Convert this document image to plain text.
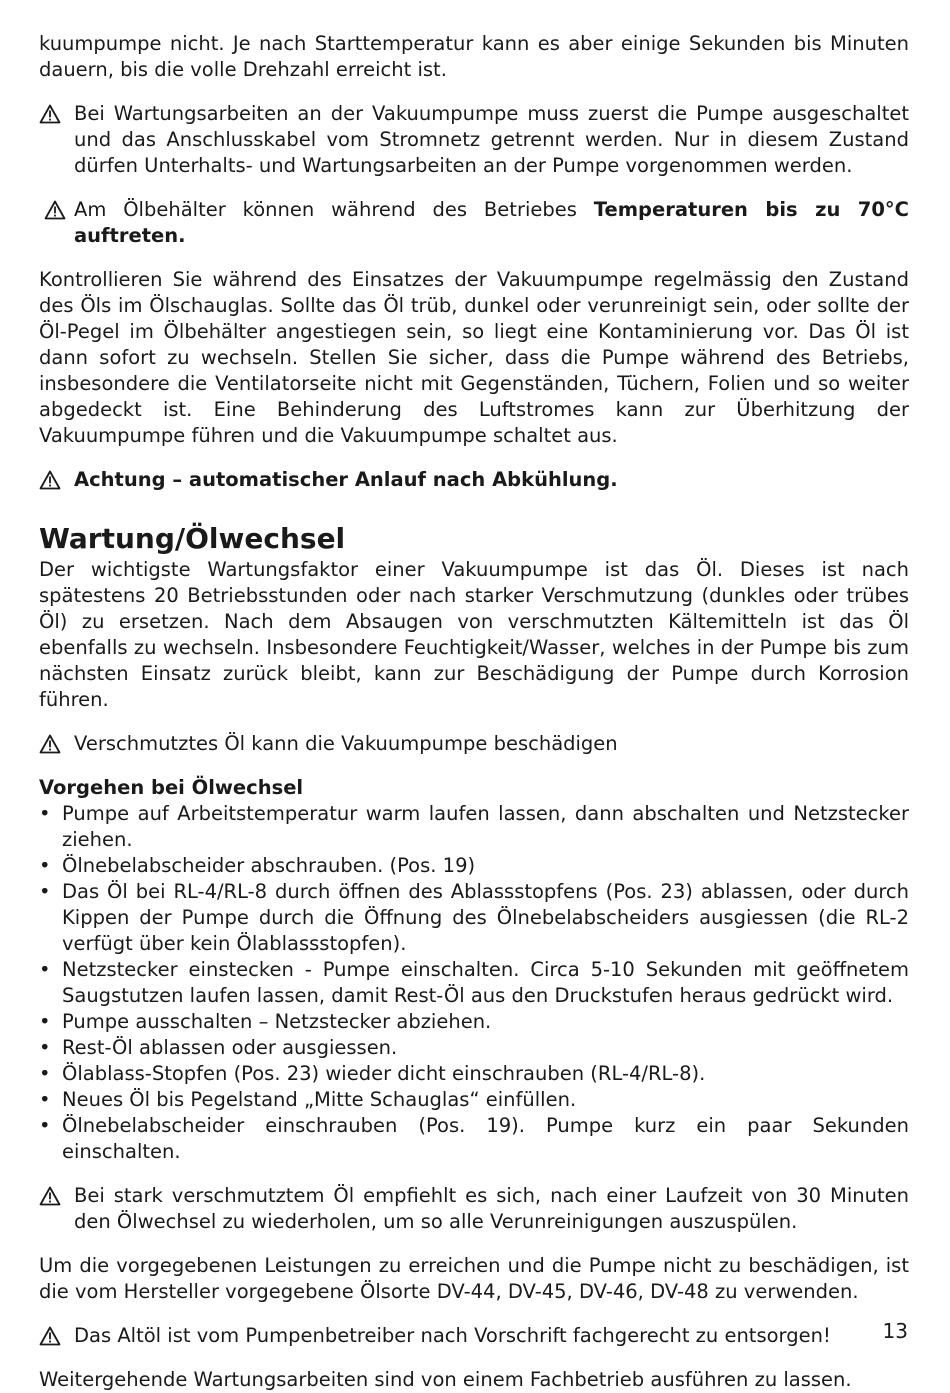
kuumpumpe nicht. Je nach Starttemperatur kann es aber einige Sekunden bis Minuten dauern, bis die volle Drehzahl erreicht ist.

Bei Wartungsarbeiten an der Vakuumpumpe muss zuerst die Pumpe ausgeschaltet und das Anschlusskabel vom Stromnetz getrennt werden. Nur in diesem Zustand dürfen Unterhalts- und Wartungsarbeiten an der Pumpe vorgenommen werden.
Am Ölbehälter können während des Betriebes Temperaturen bis zu 70°C auftreten.

Kontrollieren Sie während des Einsatzes der Vakuumpumpe regelmässig den Zustand des Öls im Ölschauglas. Sollte das Öl trüb, dunkel oder verunreinigt sein, oder sollte der Öl-Pegel im Ölbehälter angestiegen sein, so liegt eine Kontaminierung vor. Das Öl ist dann sofort zu wechseln. Stellen Sie sicher, dass die Pumpe während des Betriebs, insbesondere die Ventilatorseite nicht mit Gegenständen, Tüchern, Folien und so weiter abgedeckt ist. Eine Behinderung des Luftstromes kann zur Überhitzung der Vakuumpumpe führen und die Vakuumpumpe schaltet aus.

Achtung – automatischer Anlauf nach Abkühlung.
Wartung/Ölwechsel

Der wichtigste Wartungsfaktor einer Vakuumpumpe ist das Öl. Dieses ist nach spätestens 20 Betriebsstunden oder nach starker Verschmutzung (dunkles oder trübes Öl) zu ersetzen. Nach dem Absaugen von verschmutzten Kältemitteln ist das Öl ebenfalls zu wechseln. Insbesondere Feuchtigkeit/Wasser, welches in der Pumpe bis zum nächsten Einsatz zurück bleibt, kann zur Beschädigung der Pumpe durch Korrosion führen.

Verschmutztes Öl kann die Vakuumpumpe beschädigen

Vorgehen bei Ölwechsel

• Pumpe auf Arbeitstemperatur warm laufen lassen, dann abschalten und Netzstecker ziehen.
• Ölnebelabscheider abschrauben. (Pos. 19)
• Das Öl bei RL-4/RL-8 durch öffnen des Ablassstopfens (Pos. 23) ablassen, oder durch Kippen der Pumpe durch die Öffnung des Ölnebelabscheiders ausgiessen (die RL-2 verfügt über kein Ölablassstopfen).
• Netzstecker einstecken - Pumpe einschalten. Circa 5-10 Sekunden mit geöffnetem Saugstutzen laufen lassen, damit Rest-Öl aus den Druckstufen heraus gedrückt wird.
• Pumpe ausschalten – Netzstecker abziehen.
• Rest-Öl ablassen oder ausgiessen.
• Ölablass-Stopfen (Pos. 23) wieder dicht einschrauben (RL-4/RL-8).
• Neues Öl bis Pegelstand „Mitte Schauglas“ einfüllen.
• Ölnebelabscheider einschrauben (Pos. 19). Pumpe kurz ein paar Sekunden einschalten.
Bei stark verschmutztem Öl empfiehlt es sich, nach einer Laufzeit von 30 Minuten den Ölwechsel zu wiederholen, um so alle Verunreinigungen auszuspülen.

Um die vorgegebenen Leistungen zu erreichen und die Pumpe nicht zu beschädigen, ist die vom Hersteller vorgegebene Ölsorte DV-44, DV-45, DV-46, DV-48 zu verwenden.

Das Altöl ist vom Pumpenbetreiber nach Vorschrift fachgerecht zu entsorgen!

Weitergehende Wartungsarbeiten sind von einem Fachbetrieb ausführen zu lassen.

13
